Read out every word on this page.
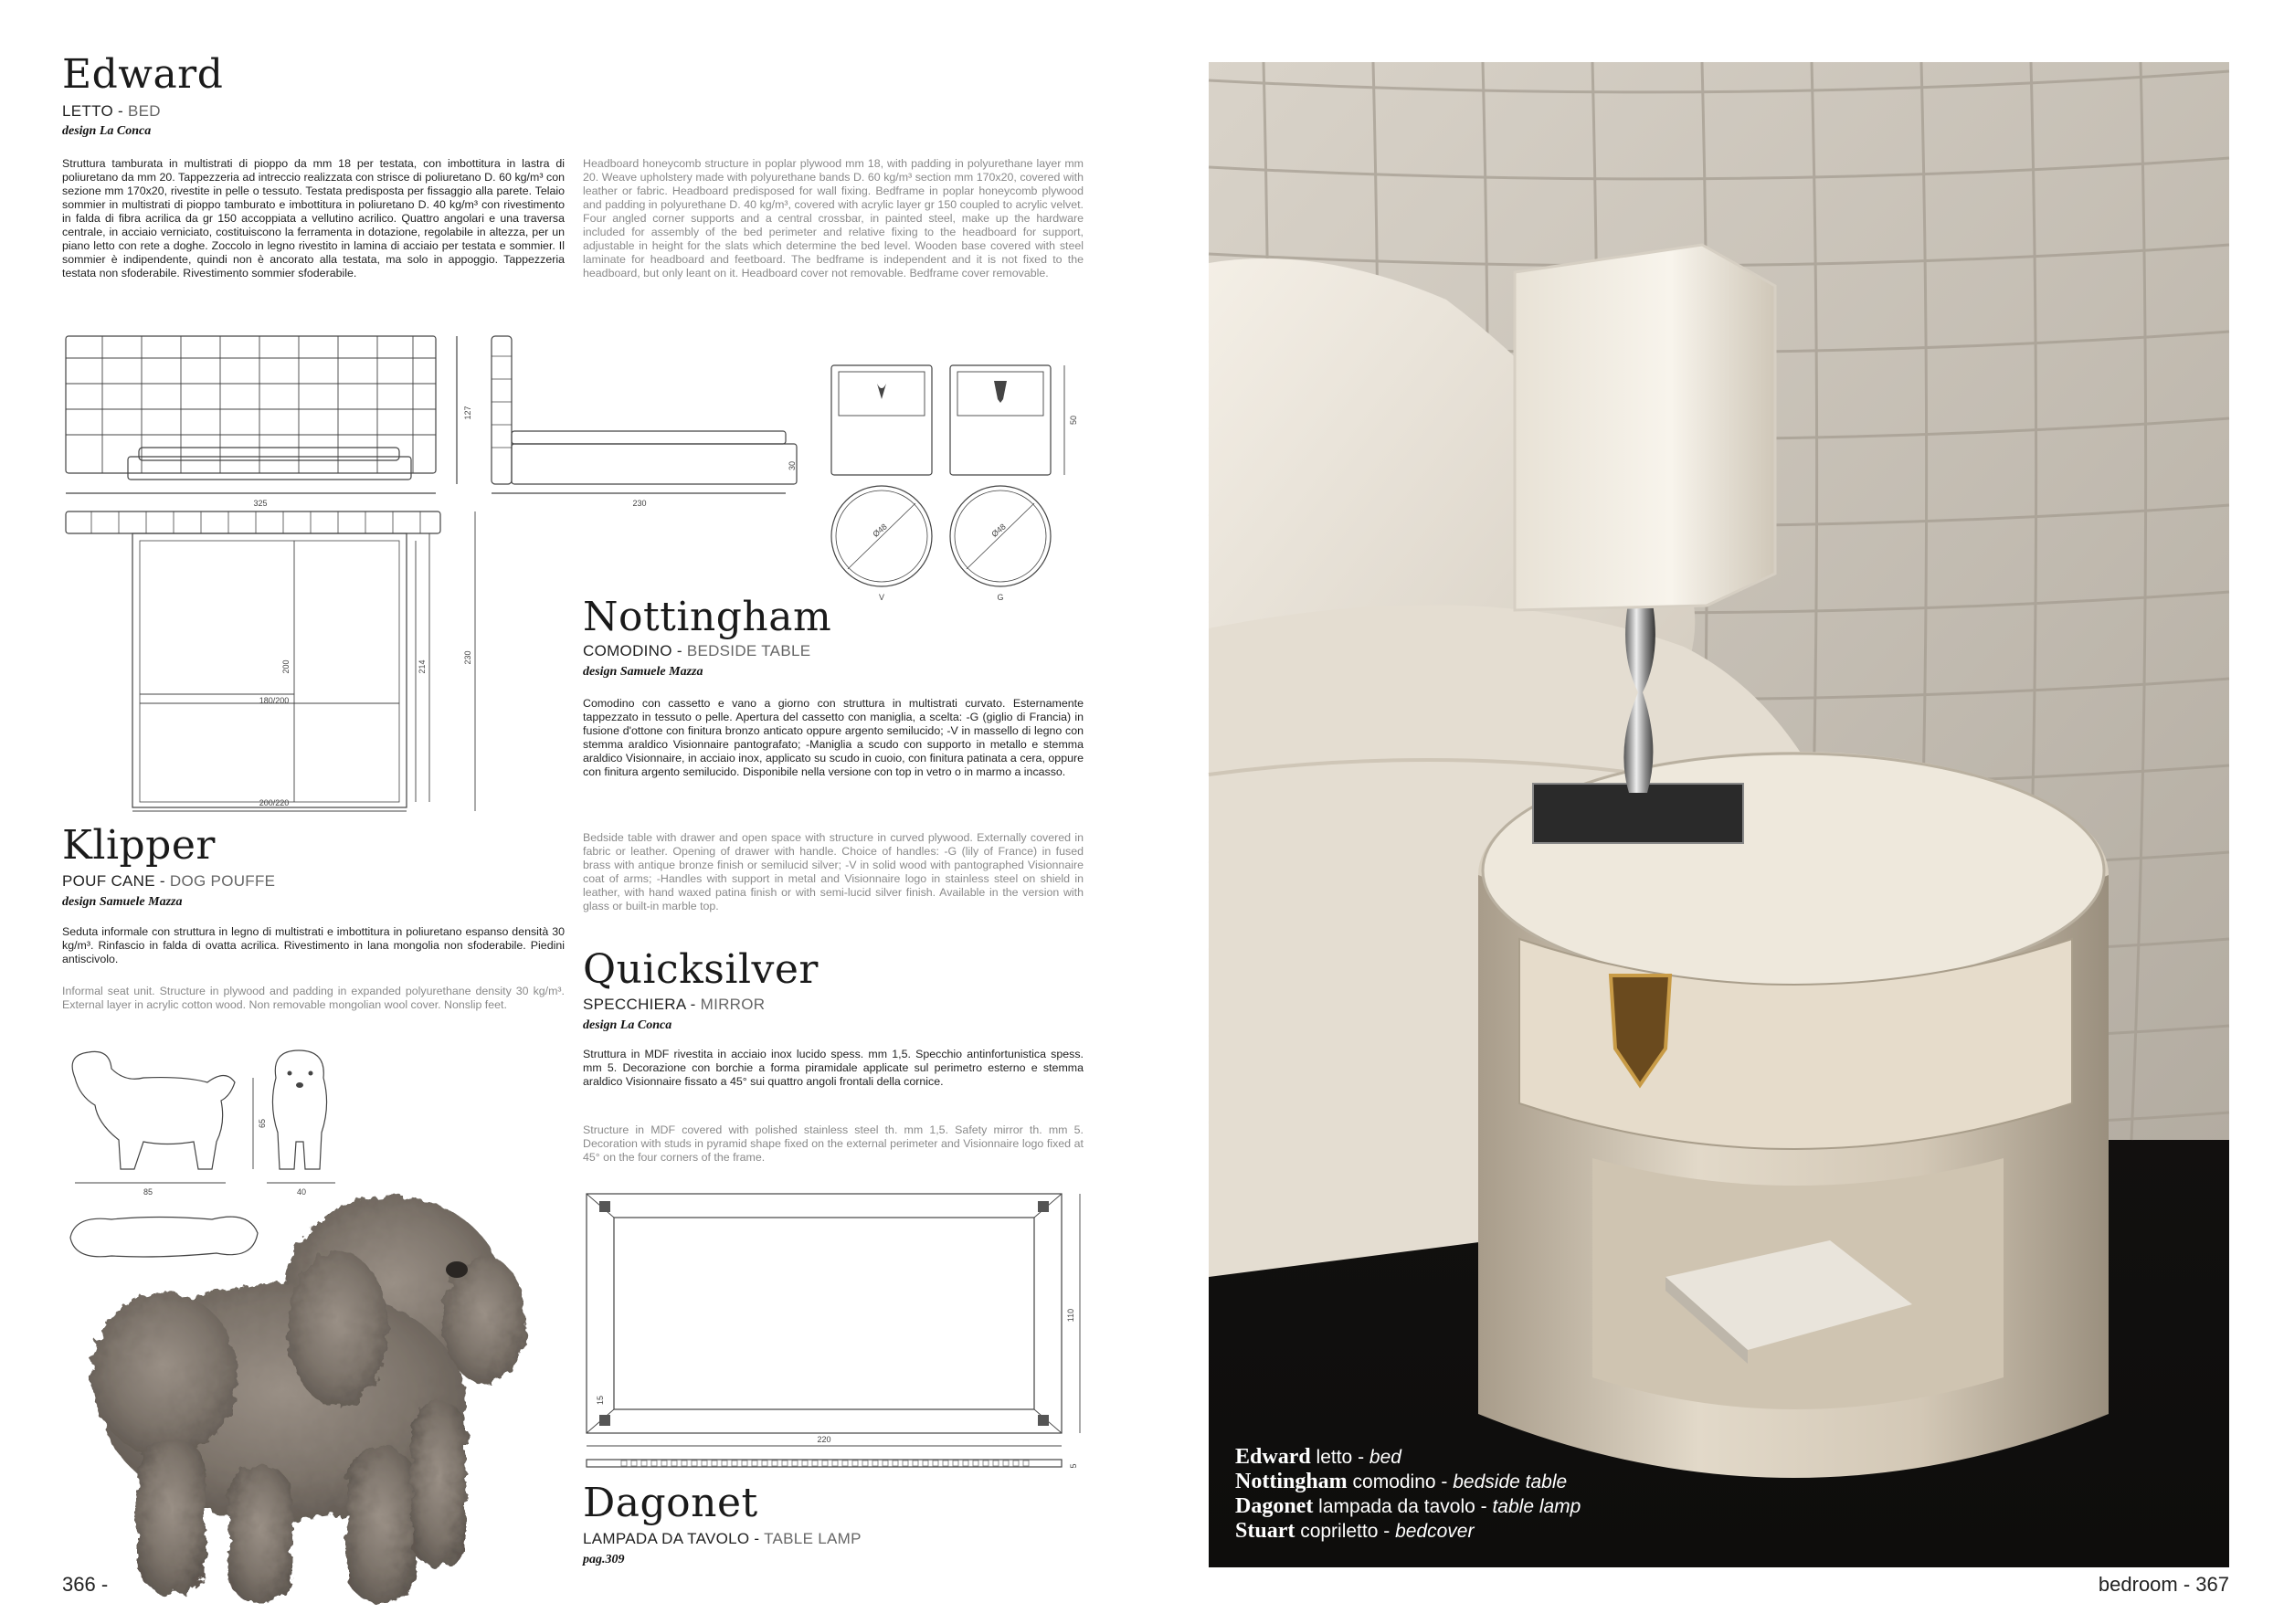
Edward
LETTO - BED
design La Conca
Struttura tamburata in multistrati di pioppo da mm 18 per testata, con imbottitura in lastra di poliuretano da mm 20. Tappezzeria ad intreccio realizzata con strisce di poliuretano D. 60 kg/m³ con sezione mm 170x20, rivestite in pelle o tessuto. Testata predisposta per fissaggio alla parete. Telaio sommier in multistrati di pioppo tamburato e imbottitura in poliuretano D. 40 kg/m³ con rivestimento in falda di fibra acrilica da gr 150 accoppiata a vellutino acrilico. Quattro angolari e una traversa centrale, in acciaio verniciato, costituiscono la ferramenta in dotazione, regolabile in altezza, per un piano letto con rete a doghe. Zoccolo in legno rivestito in lamina di acciaio per testata e sommier. Il sommier è indipendente, quindi non è ancorato alla testata, ma solo in appoggio. Tappezzeria testata non sfoderabile. Rivestimento sommier sfoderabile.
Headboard honeycomb structure in poplar plywood mm 18, with padding in polyurethane layer mm 20. Weave upholstery made with polyurethane bands D. 60 kg/m³ section mm 170x20, covered with leather or fabric. Headboard predisposed for wall fixing. Bedframe in poplar honeycomb plywood and padding in polyurethane D. 40 kg/m³, covered with acrylic layer gr 150 coupled to acrylic velvet. Four angled corner supports and a central crossbar, in painted steel, make up the hardware included for assembly of the bed perimeter and relative fixing to the headboard for support, adjustable in height for the slats which determine the bed level. Wooden base covered with steel laminate for headboard and feetboard. The bedframe is independent and it is not fixed to the headboard, but only leant on it. Headboard cover not removable. Bedframe cover removable.
325
127
230
30
180/200
200/220
200	214
230
50
Ø48	Ø48
V	G
Klipper
POUF CANE - DOG POUFFE
design Samuele Mazza
Seduta informale con struttura in legno di multistrati e imbottitura in poliuretano espanso densità 30 kg/m³. Rinfascio in falda di ovatta acrilica. Rivestimento in lana mongolia non sfoderabile. Piedini antiscivolo.
Informal seat unit. Structure in plywood and padding in expanded polyurethane density 30 kg/m³. External layer in acrylic cotton wood. Non removable mongolian wool cover. Nonslip feet.
85	40
65
366 -
Nottingham
COMODINO - BEDSIDE TABLE
design Samuele Mazza
Comodino con cassetto e vano a giorno con struttura in multistrati curvato. Esternamente tappezzato in tessuto o pelle. Apertura del cassetto con maniglia, a scelta: -G (giglio di Francia) in fusione d'ottone con finitura bronzo anticato oppure argento semilucido; -V in massello di legno con stemma araldico Visionnaire pantografato; -Maniglia a scudo con supporto in metallo e stemma araldico Visionnaire, in acciaio inox, applicato su scudo in cuoio, con finitura patinata a cera, oppure con finitura argento semilucido. Disponibile nella versione con top in vetro o in marmo a incasso.
Bedside table with drawer and open space with structure in curved plywood. Externally covered in fabric or leather. Opening of drawer with handle. Choice of handles: -G (lily of France) in fused brass with antique bronze finish or semilucid silver; -V in solid wood with pantographed Visionnaire coat of arms; -Handles with support in metal and Visionnaire logo in stainless steel on shield in leather, with hand waxed patina finish or with semi-lucid silver finish. Available in the version with glass or built-in marble top.
Quicksilver
SPECCHIERA - MIRROR
design La Conca
Struttura in MDF rivestita in acciaio inox lucido spess. mm 1,5. Specchio antinfortunistica spess. mm 5. Decorazione con borchie a forma piramidale applicate sul perimetro esterno e stemma araldico Visionnaire fissato a 45° sui quattro angoli frontali della cornice.
Structure in MDF covered with polished stainless steel th. mm 1,5. Safety mirror th. mm 5. Decoration with studs in pyramid shape fixed on the external perimeter and Visionnaire logo fixed at 45° on the four corners of the frame.
220
110
15
5
Dagonet
LAMPADA DA TAVOLO - TABLE LAMP
pag.309
Edward letto - bed
Nottingham comodino - bedside table
Dagonet lampada da tavolo - table lamp
Stuart copriletto - bedcover
bedroom - 367
